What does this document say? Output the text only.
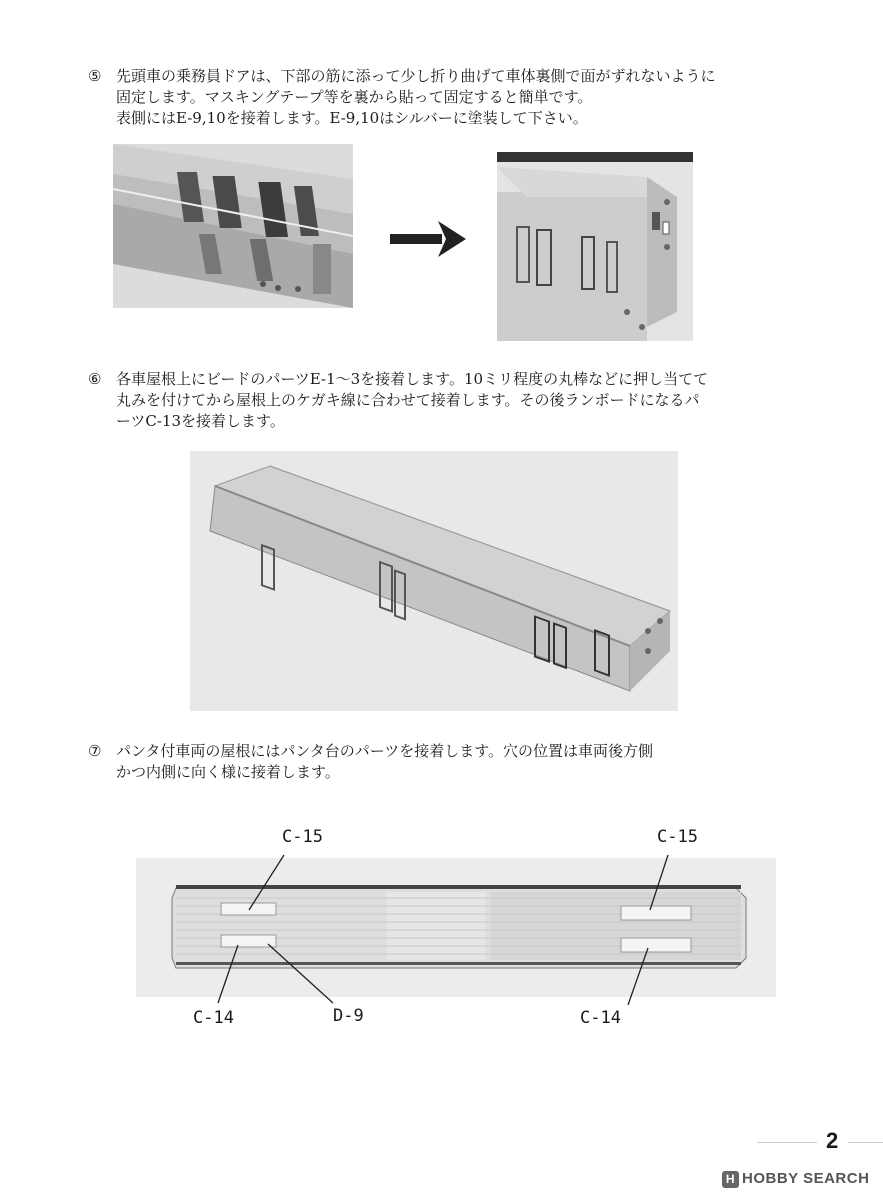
⑤ 先頭車の乗務員ドアは、下部の筋に添って少し折り曲げて車体裏側で面がずれないように
固定します。マスキングテープ等を裏から貼って固定すると簡単です。
表側にはE-9,10を接着します。E-9,10はシルバーに塗装して下さい。
⑥ 各車屋根上にビードのパーツE-1～3を接着します。10ミリ程度の丸棒などに押し当てて
丸みを付けてから屋根上のケガキ線に合わせて接着します。その後ランボードになるパ
ーツC-13を接着します。
⑦ パンタ付車両の屋根にはパンタ台のパーツを接着します。穴の位置は車両後方側
かつ内側に向く様に接着します。
C-15	C-15
C-14	D-9	C-14
2
H HOBBY SEARCH
